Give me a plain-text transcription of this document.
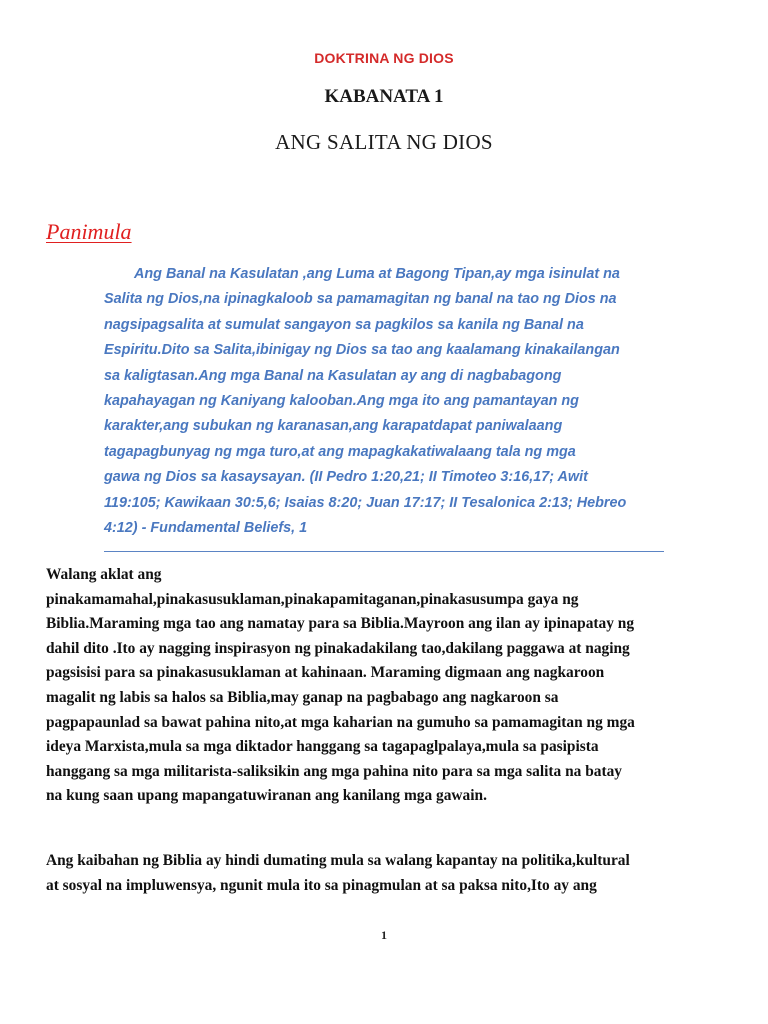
DOKTRINA NG DIOS
KABANATA 1
ANG SALITA NG DIOS
Panimula

Ang Banal na Kasulatan ,ang Luma at Bagong Tipan,ay mga isinulat na
Salita ng Dios,na ipinagkaloob sa pamamagitan ng banal na tao ng Dios na
nagsipagsalita at sumulat sangayon sa pagkilos sa kanila ng Banal na
Espiritu.Dito sa Salita,ibinigay ng Dios sa tao ang kaalamang kinakailangan
sa kaligtasan.Ang mga Banal na Kasulatan ay ang di nagbabagong
kapahayagan ng Kaniyang kalooban.Ang mga ito ang pamantayan ng
karakter,ang subukan ng karanasan,ang karapatdapat paniwalaang
tagapagbunyag ng mga turo,at ang mapagkakatiwalaang tala ng mga
gawa ng Dios sa kasaysayan. (II Pedro 1:20,21; II Timoteo 3:16,17; Awit
119:105; Kawikaan 30:5,6; Isaias 8:20; Juan 17:17; II Tesalonica 2:13; Hebreo
4:12) - Fundamental Beliefs, 1

Walang aklat ang
pinakamamahal,pinakasusuklaman,pinakapamitaganan,pinakasusumpa gaya ng
Biblia.Maraming mga tao ang namatay para sa Biblia.Mayroon ang ilan ay ipinapatay ng
dahil dito .Ito ay nagging inspirasyon ng pinakadakilang tao,dakilang paggawa at naging
pagsisisi para sa pinakasusuklaman at kahinaan. Maraming digmaan ang nagkaroon
magalit ng labis sa halos sa Biblia,may ganap na pagbabago ang nagkaroon sa
pagpapaunlad sa bawat pahina nito,at mga kaharian na gumuho sa pamamagitan ng mga
ideya Marxista,mula sa mga diktador hanggang sa tagapaglpalaya,mula sa pasipista
hanggang sa mga militarista-saliksikin ang mga pahina nito para sa mga salita na batay
na kung saan upang mapangatuwiranan ang kanilang mga gawain.

Ang kaibahan ng Biblia ay hindi dumating mula sa walang kapantay na politika,kultural
at sosyal na impluwensya, ngunit mula ito sa pinagmulan at sa paksa nito,Ito ay ang

1
